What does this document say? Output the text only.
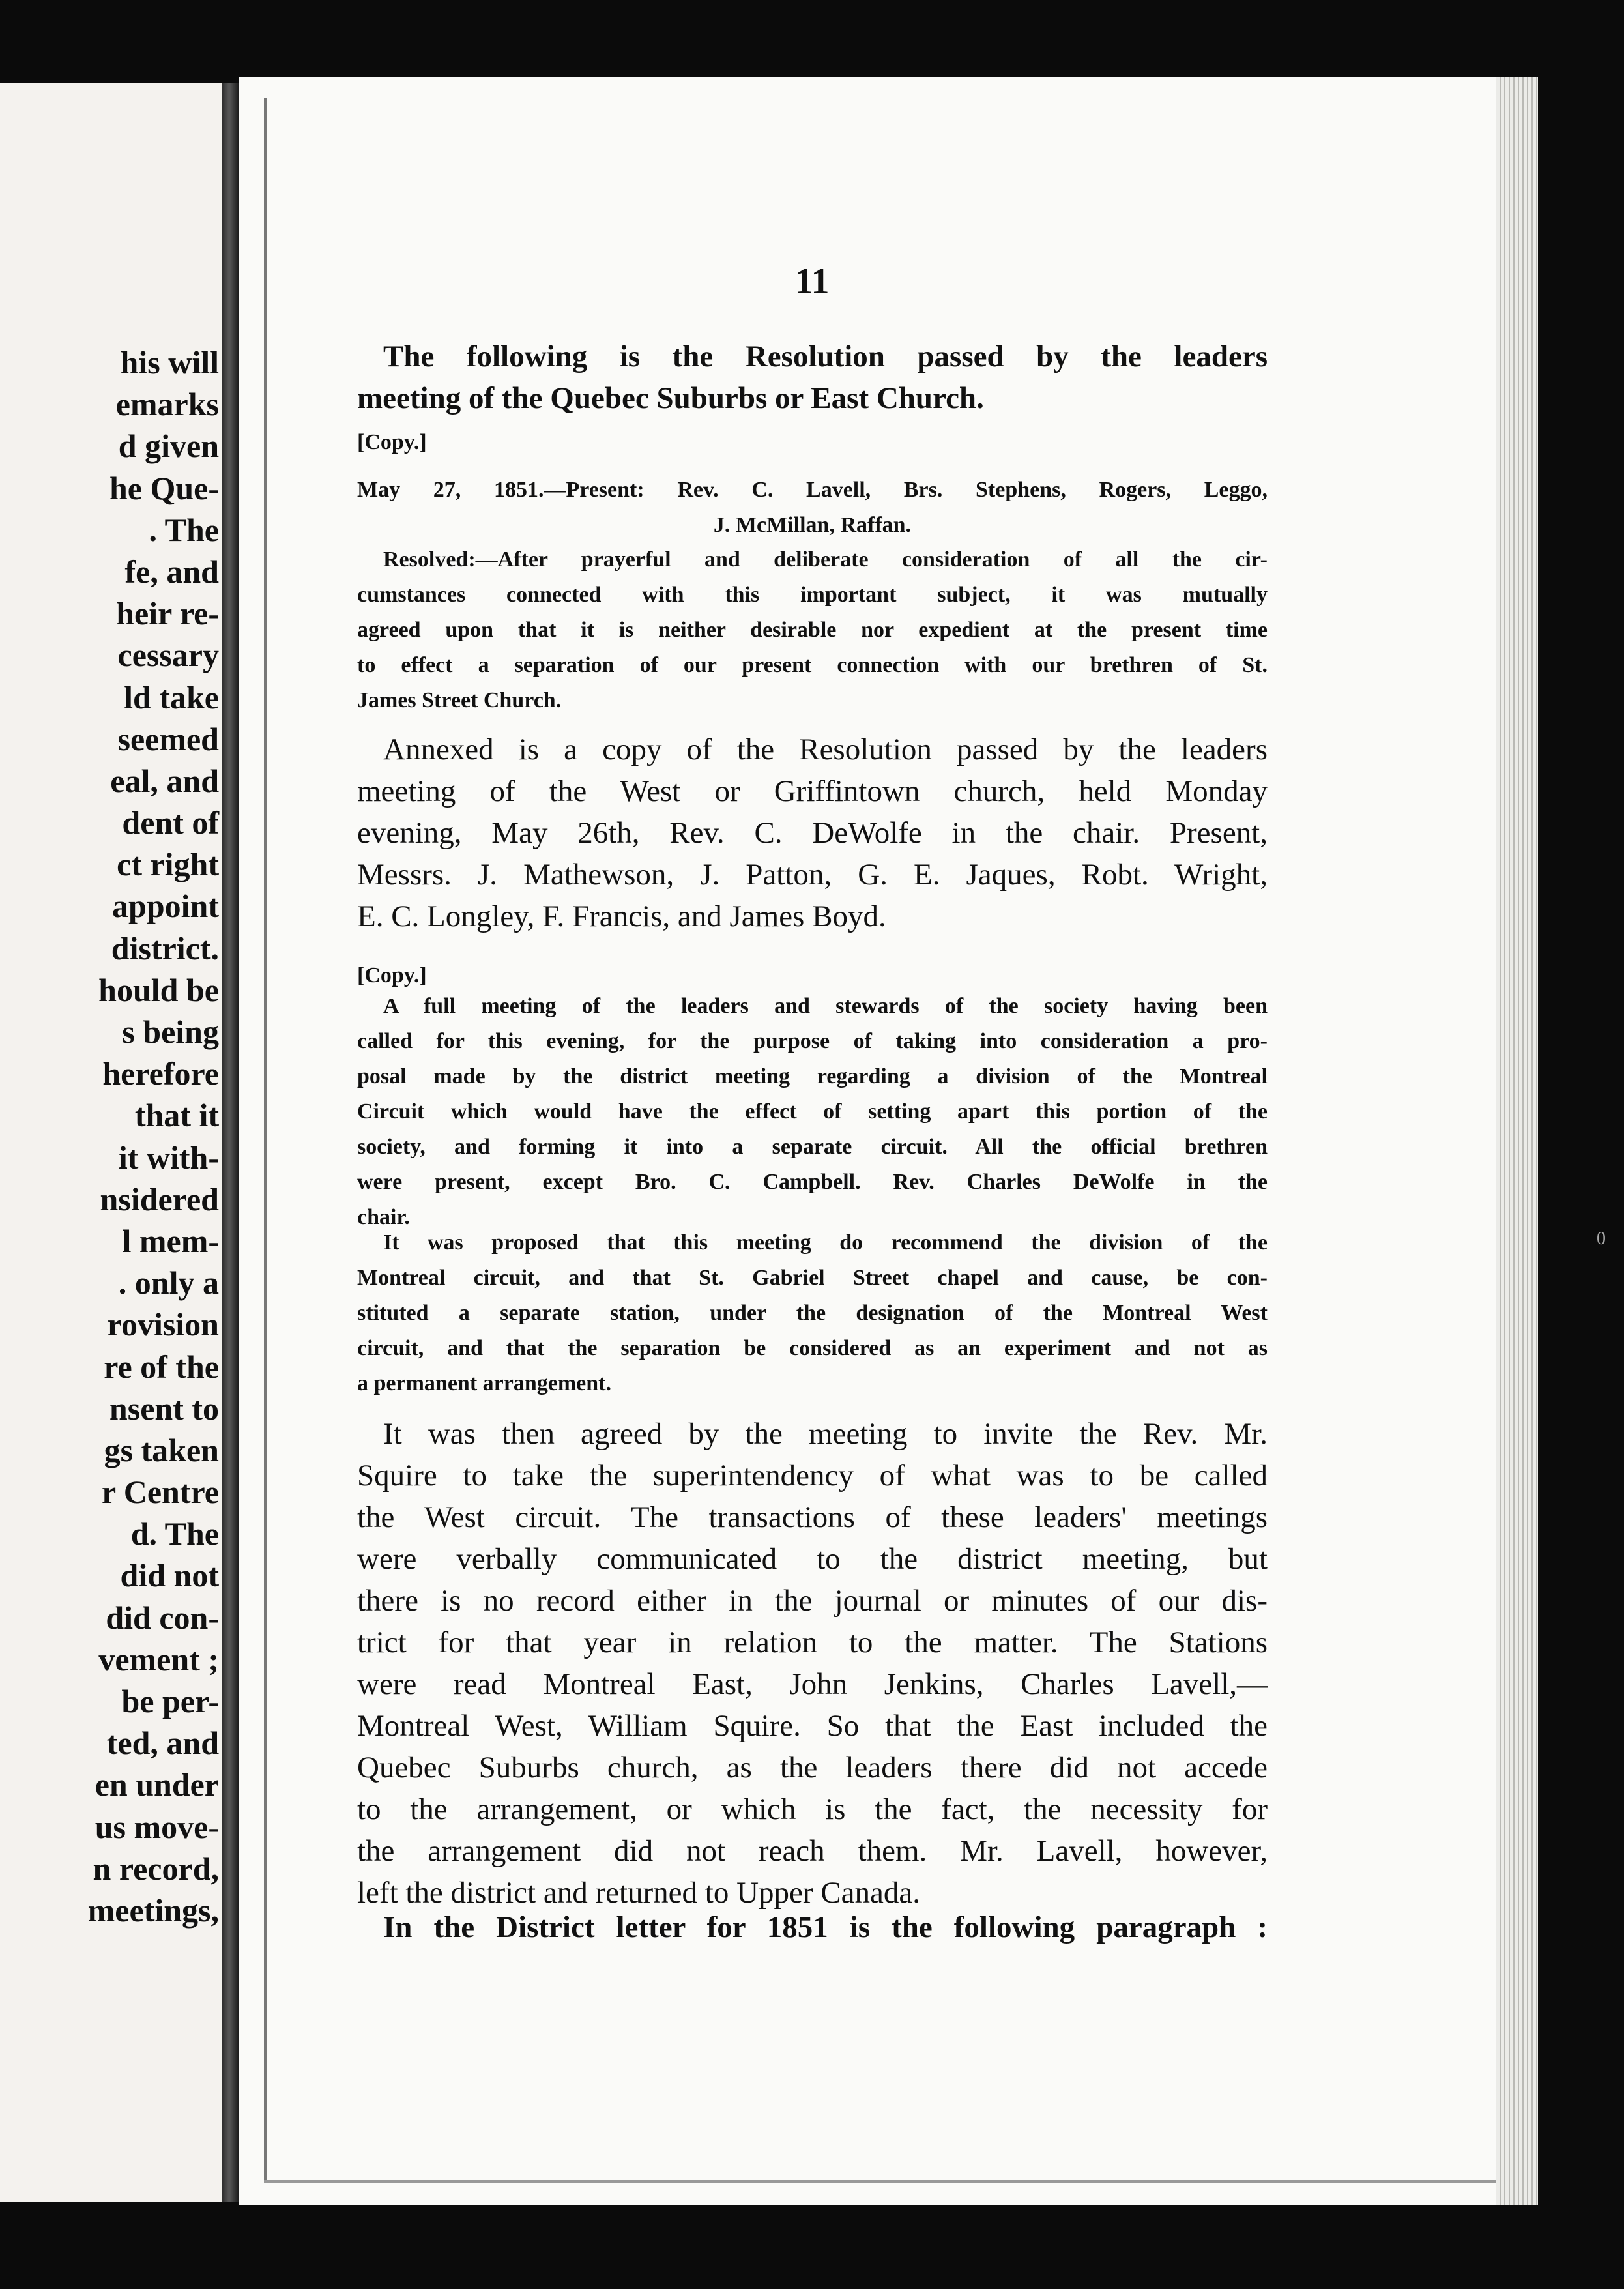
his will
emarks
d given
he Que-
. The
fe, and
heir re-
cessary
ld take
seemed
eal, and
dent of
ct right
appoint
district.
hould be
s being
herefore
that it
it with-
nsidered
l mem-
. only a
rovision
re of the
nsent to
gs taken
r Centre
d. The
did not
did con-
vement ;
be per-
ted, and
en under
us move-
n record,
meetings,
11
The following is the Resolution passed by the leaders
meeting of the Quebec Suburbs or East Church.
[Copy.]
May 27, 1851.—Present: Rev. C. Lavell, Brs. Stephens, Rogers, Leggo,
J. McMillan, Raffan.
Resolved:—After prayerful and deliberate consideration of all the cir-
cumstances connected with this important subject, it was mutually
agreed upon that it is neither desirable nor expedient at the present time
to effect a separation of our present connection with our brethren of St.
James Street Church.
Annexed is a copy of the Resolution passed by the leaders
meeting of the West or Griffintown church, held Monday
evening, May 26th, Rev. C. DeWolfe in the chair. Present,
Messrs. J. Mathewson, J. Patton, G. E. Jaques, Robt. Wright,
E. C. Longley, F. Francis, and James Boyd.
[Copy.]
A full meeting of the leaders and stewards of the society having been
called for this evening, for the purpose of taking into consideration a pro-
posal made by the district meeting regarding a division of the Montreal
Circuit which would have the effect of setting apart this portion of the
society, and forming it into a separate circuit. All the official brethren
were present, except Bro. C. Campbell. Rev. Charles DeWolfe in the
chair.
It was proposed that this meeting do recommend the division of the
Montreal circuit, and that St. Gabriel Street chapel and cause, be con-
stituted a separate station, under the designation of the Montreal West
circuit, and that the separation be considered as an experiment and not as
a permanent arrangement.
It was then agreed by the meeting to invite the Rev. Mr.
Squire to take the superintendency of what was to be called
the West circuit. The transactions of these leaders' meetings
were verbally communicated to the district meeting, but
there is no record either in the journal or minutes of our dis-
trict for that year in relation to the matter. The Stations
were read Montreal East, John Jenkins, Charles Lavell,—
Montreal West, William Squire. So that the East included the
Quebec Suburbs church, as the leaders there did not accede
to the arrangement, or which is the fact, the necessity for
the arrangement did not reach them. Mr. Lavell, however,
left the district and returned to Upper Canada.
In the District letter for 1851 is the following paragraph :
0
